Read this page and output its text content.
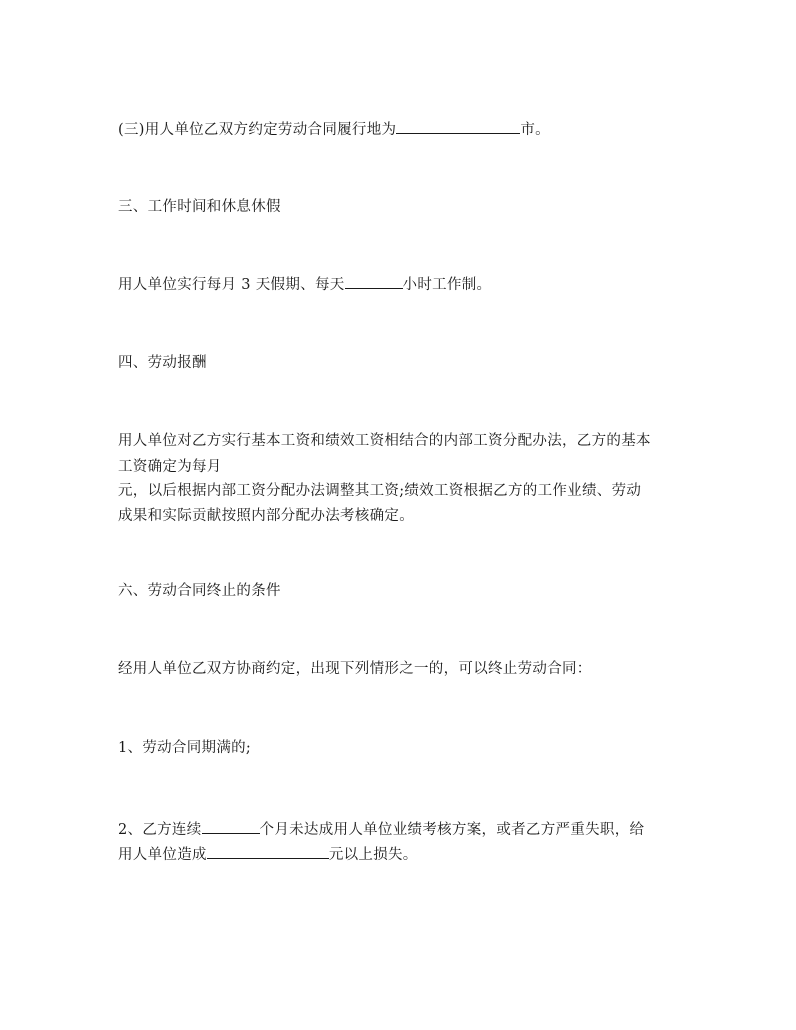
(三)用人单位乙双方约定劳动合同履行地为	市。
三、工作时间和休息休假
用人单位实行每月 3 天假期、每天	小时工作制。
四、劳动报酬
用人单位对乙方实行基本工资和绩效工资相结合的内部工资分配办法，乙方的基本
工资确定为每月
元，以后根据内部工资分配办法调整其工资;绩效工资根据乙方的工作业绩、劳动
成果和实际贡献按照内部分配办法考核确定。
六、劳动合同终止的条件
经用人单位乙双方协商约定，出现下列情形之一的，可以终止劳动合同：
1、劳动合同期满的;
2、乙方连续	个月未达成用人单位业绩考核方案，或者乙方严重失职，给
用人单位造成	元以上损失。
